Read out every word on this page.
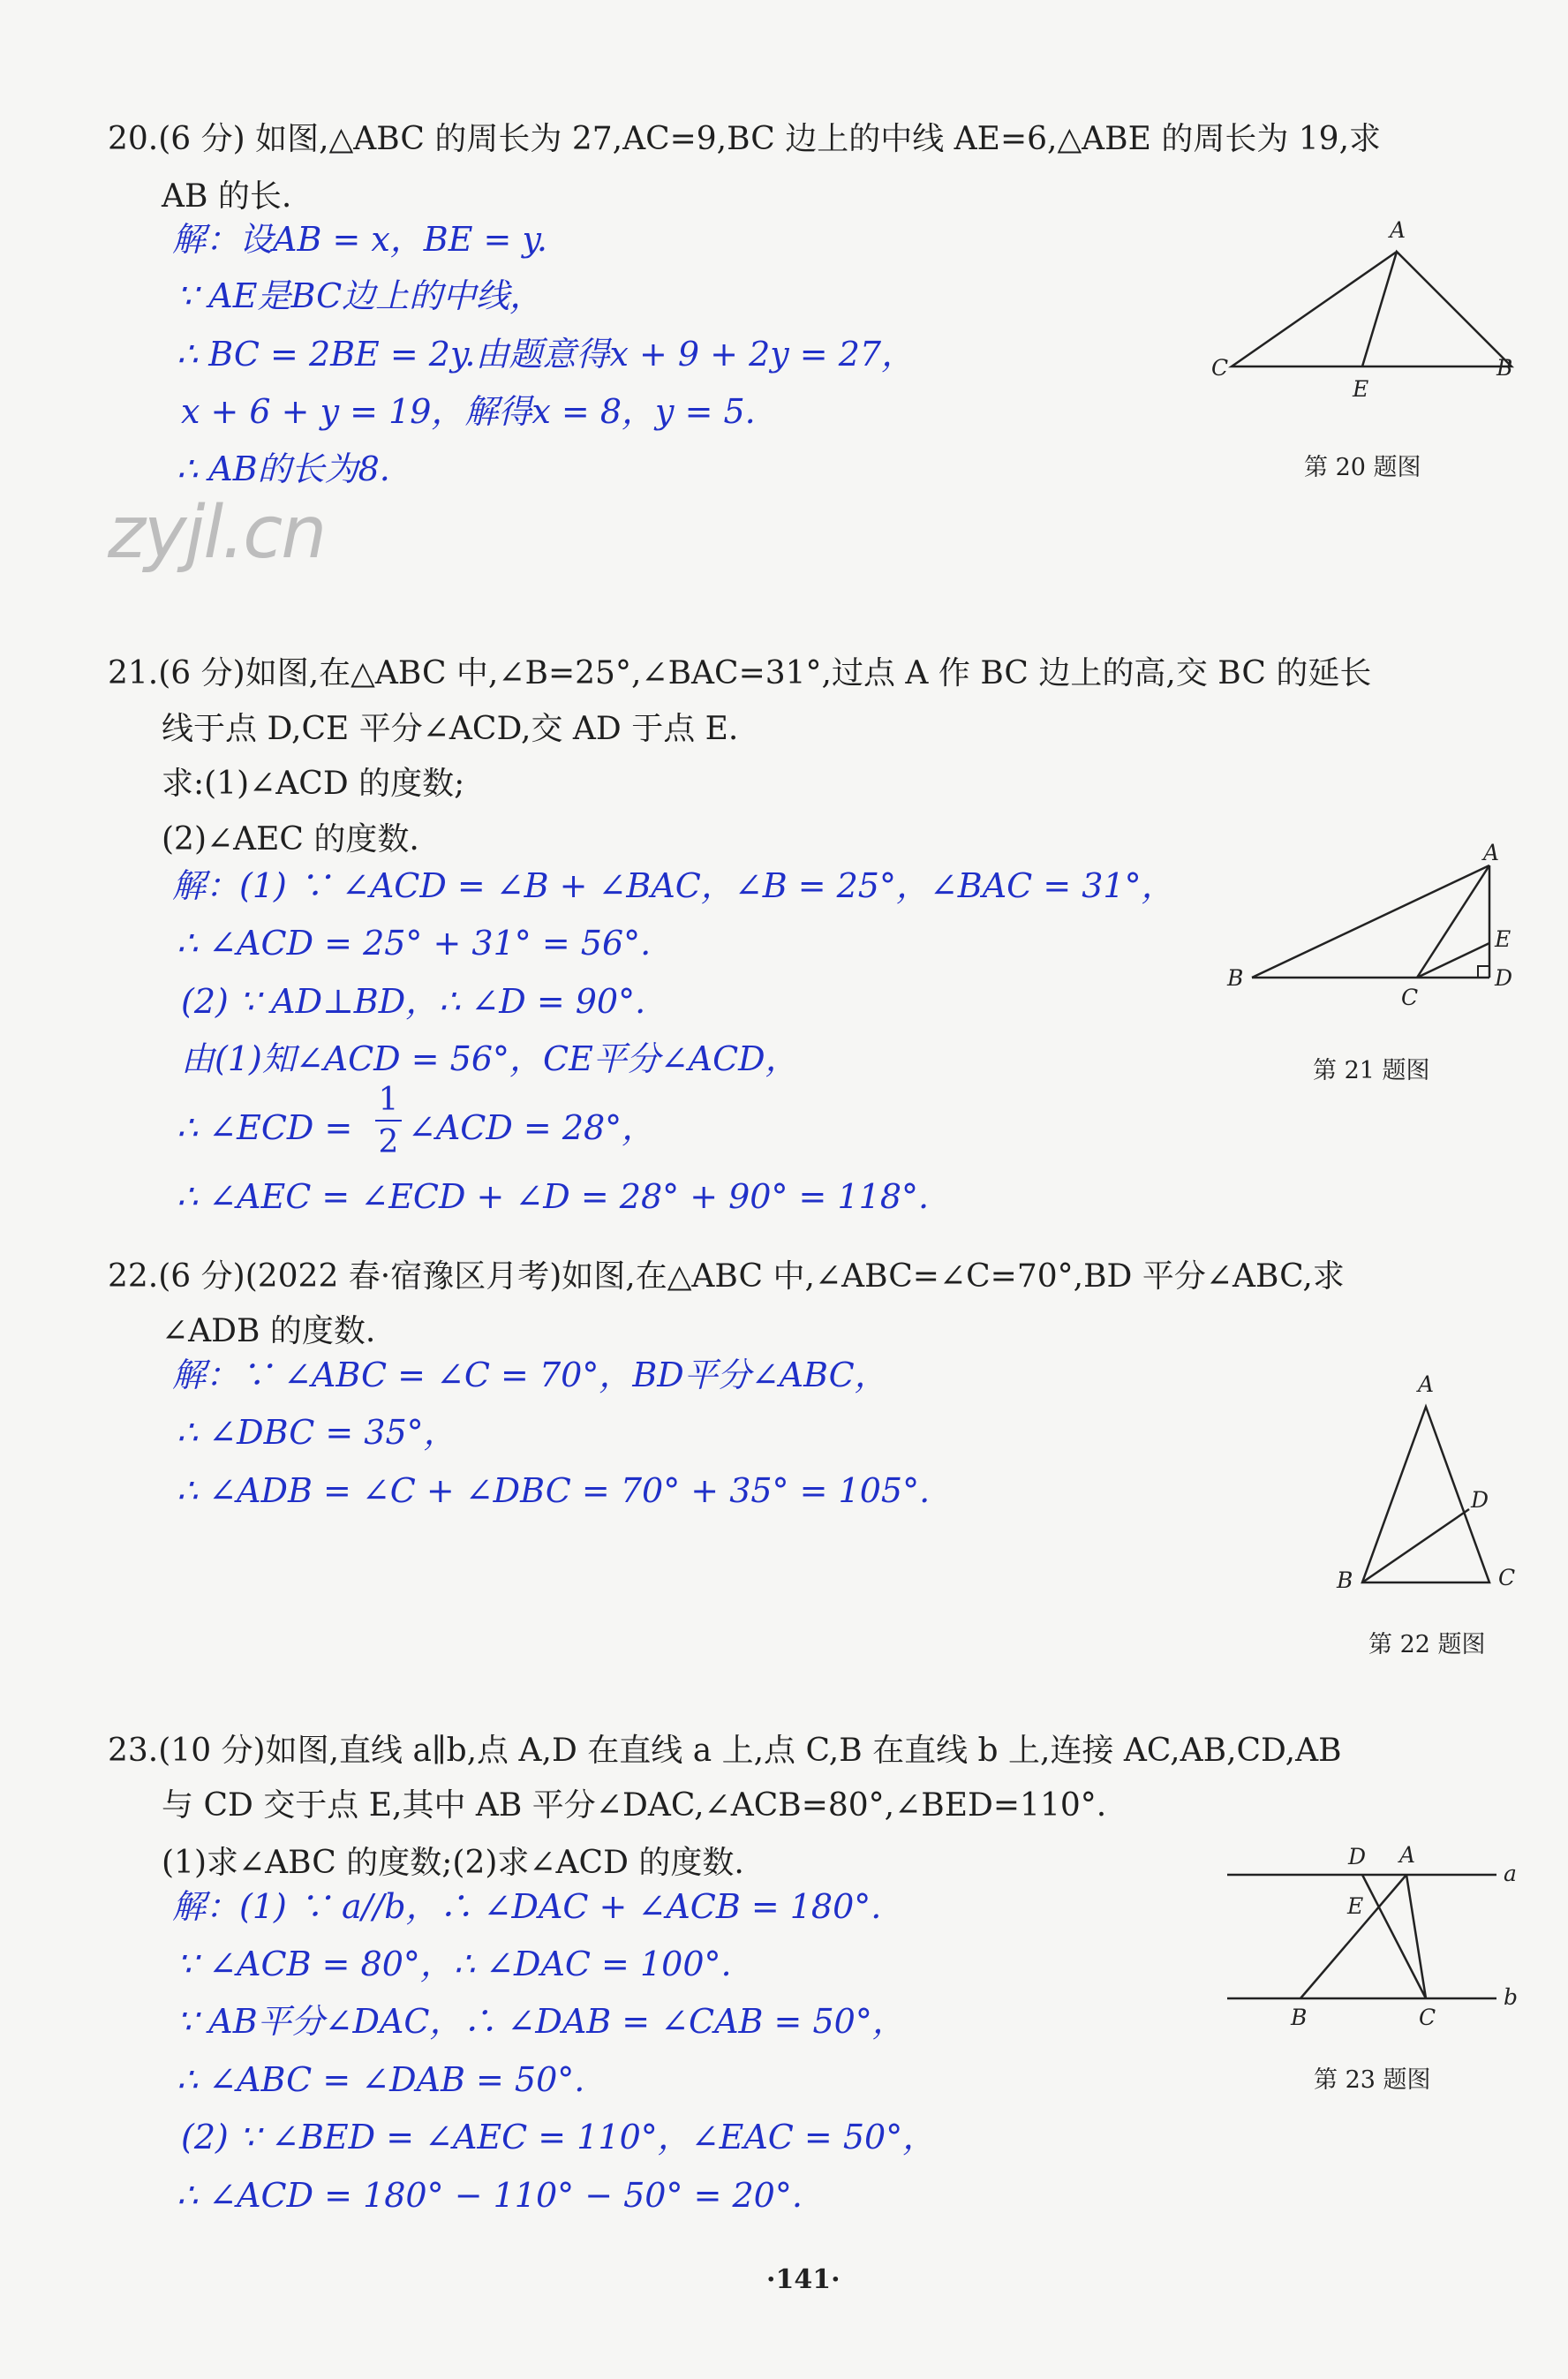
zyjl.cn
20.(6 分) 如图,△ABC 的周长为 27,AC=9,BC 边上的中线 AE=6,△ABE 的周长为 19,求
AB 的长.
解：设AB = x，BE = y.
∵ AE是BC边上的中线，
∴ BC = 2BE = 2y.由题意得x + 9 + 2y = 27，
x + 6 + y = 19，解得x = 8，y = 5.
∴ AB的长为8.
A
C
E
B
第 20 题图
21.(6 分)如图,在△ABC 中,∠B=25°,∠BAC=31°,过点 A 作 BC 边上的高,交 BC 的延长
线于点 D,CE 平分∠ACD,交 AD 于点 E.
求:(1)∠ACD 的度数;
(2)∠AEC 的度数.
解：(1) ∵ ∠ACD = ∠B + ∠BAC，∠B = 25°，∠BAC = 31°，
∴ ∠ACD = 25° + 31° = 56°.
(2) ∵ AD⊥BD，∴ ∠D = 90°.
由(1)知∠ACD = 56°，CE平分∠ACD，
∴ ∠ECD =
1
2 ∠ACD = 28°，
∴ ∠AEC = ∠ECD + ∠D = 28° + 90° = 118°.
A
E
B
C
D
第 21 题图
22.(6 分)(2022 春·宿豫区月考)如图,在△ABC 中,∠ABC=∠C=70°,BD 平分∠ABC,求
∠ADB 的度数.
解：∵ ∠ABC = ∠C = 70°，BD平分∠ABC，
∴ ∠DBC = 35°，
∴ ∠ADB = ∠C + ∠DBC = 70° + 35° = 105°.
A
D
B	C
第 22 题图
23.(10 分)如图,直线 a∥b,点 A,D 在直线 a 上,点 C,B 在直线 b 上,连接 AC,AB,CD,AB
与 CD 交于点 E,其中 AB 平分∠DAC,∠ACB=80°,∠BED=110°.
(1)求∠ABC 的度数;(2)求∠ACD 的度数.
解：(1) ∵ a//b，∴ ∠DAC + ∠ACB = 180°.
∵ ∠ACB = 80°，∴ ∠DAC = 100°.
∵ AB平分∠DAC，∴ ∠DAB = ∠CAB = 50°，
∴ ∠ABC = ∠DAB = 50°.
(2) ∵ ∠BED = ∠AEC = 110°，∠EAC = 50°，
∴ ∠ACD = 180° − 110° − 50° = 20°.
D A
a
E
B	C
b
第 23 题图
·141·
